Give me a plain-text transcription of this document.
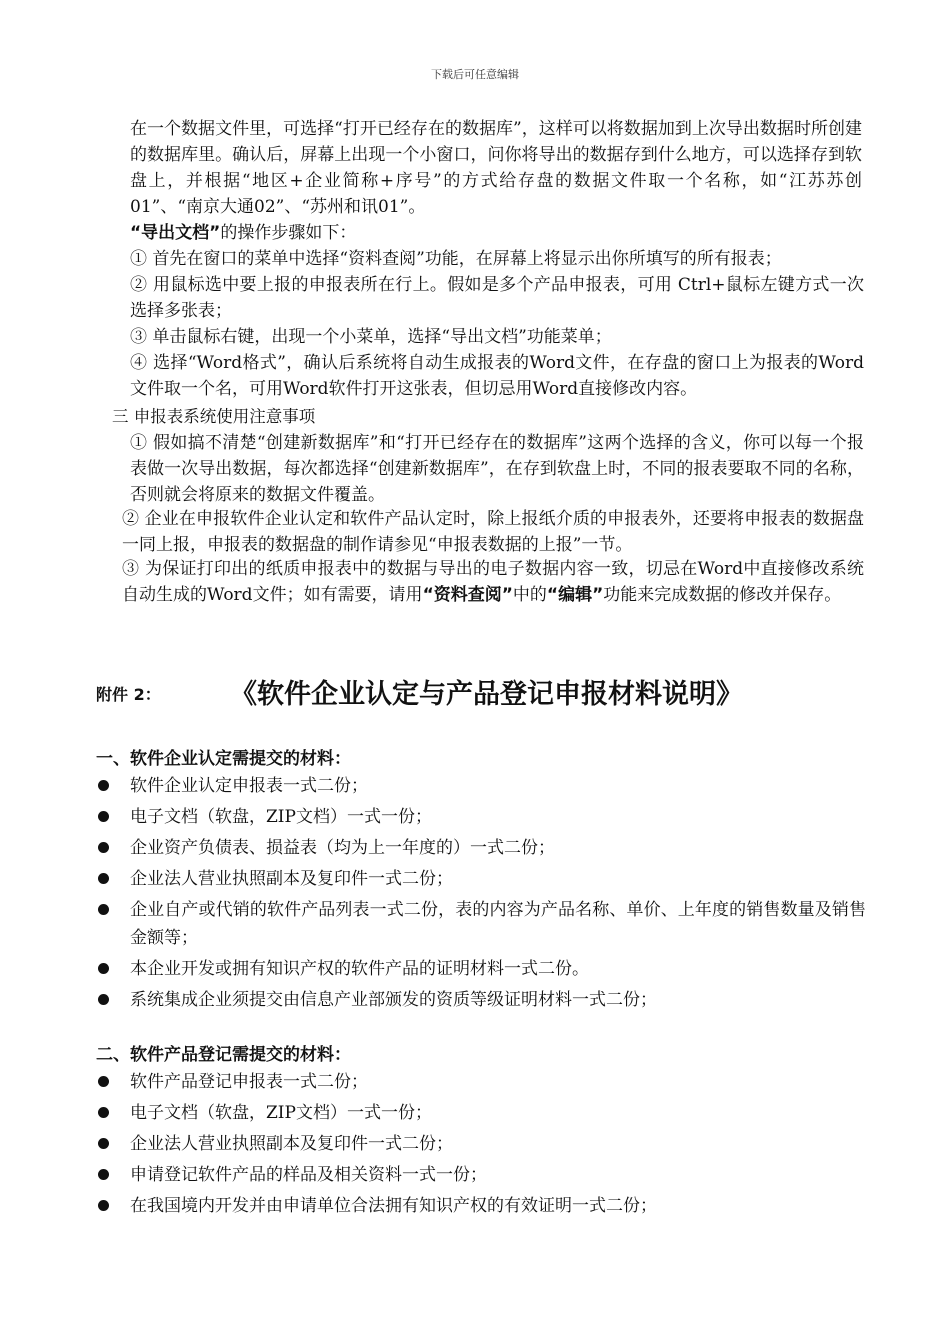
下载后可任意编辑
在一个数据文件里，可选择“打开已经存在的数据库”，这样可以将数据加到上次导出数据时所创建的数据库里。确认后，屏幕上出现一个小窗口，问你将导出的数据存到什么地方，可以选择存到软盘上，并根据“地区+企业简称+序号”的方式给存盘的数据文件取一个名称，如“江苏苏创01”、“南京大通02”、“苏州和讯01”。
“导出文档”的操作步骤如下：
① 首先在窗口的菜单中选择“资料查阅”功能，在屏幕上将显示出你所填写的所有报表；
② 用鼠标选中要上报的申报表所在行上。假如是多个产品申报表，可用 Ctrl+鼠标左键方式一次选择多张表；
③ 单击鼠标右键，出现一个小菜单，选择“导出文档”功能菜单；
④ 选择“Word格式”，确认后系统将自动生成报表的Word文件，在存盘的窗口上为报表的Word文件取一个名，可用Word软件打开这张表，但切忌用Word直接修改内容。
三 申报表系统使用注意事项
① 假如搞不清楚“创建新数据库”和“打开已经存在的数据库”这两个选择的含义，你可以每一个报表做一次导出数据，每次都选择“创建新数据库”，在存到软盘上时，不同的报表要取不同的名称，否则就会将原来的数据文件覆盖。
② 企业在申报软件企业认定和软件产品认定时，除上报纸介质的申报表外，还要将申报表的数据盘一同上报，申报表的数据盘的制作请参见“申报表数据的上报”一节。
③ 为保证打印出的纸质申报表中的数据与导出的电子数据内容一致，切忌在Word中直接修改系统自动生成的Word文件；如有需要，请用“资料查阅”中的“编辑”功能来完成数据的修改并保存。
附件 2：	《软件企业认定与产品登记申报材料说明》
一、软件企业认定需提交的材料：
软件企业认定申报表一式二份；
电子文档（软盘，ZIP文档）一式一份；
企业资产负债表、损益表（均为上一年度的）一式二份；
企业法人营业执照副本及复印件一式二份；
企业自产或代销的软件产品列表一式二份，表的内容为产品名称、单价、上年度的销售数量及销售金额等；
本企业开发或拥有知识产权的软件产品的证明材料一式二份。
系统集成企业须提交由信息产业部颁发的资质等级证明材料一式二份；
二、软件产品登记需提交的材料：
软件产品登记申报表一式二份；
电子文档（软盘，ZIP文档）一式一份；
企业法人营业执照副本及复印件一式二份；
申请登记软件产品的样品及相关资料一式一份；
在我国境内开发并由申请单位合法拥有知识产权的有效证明一式二份；
